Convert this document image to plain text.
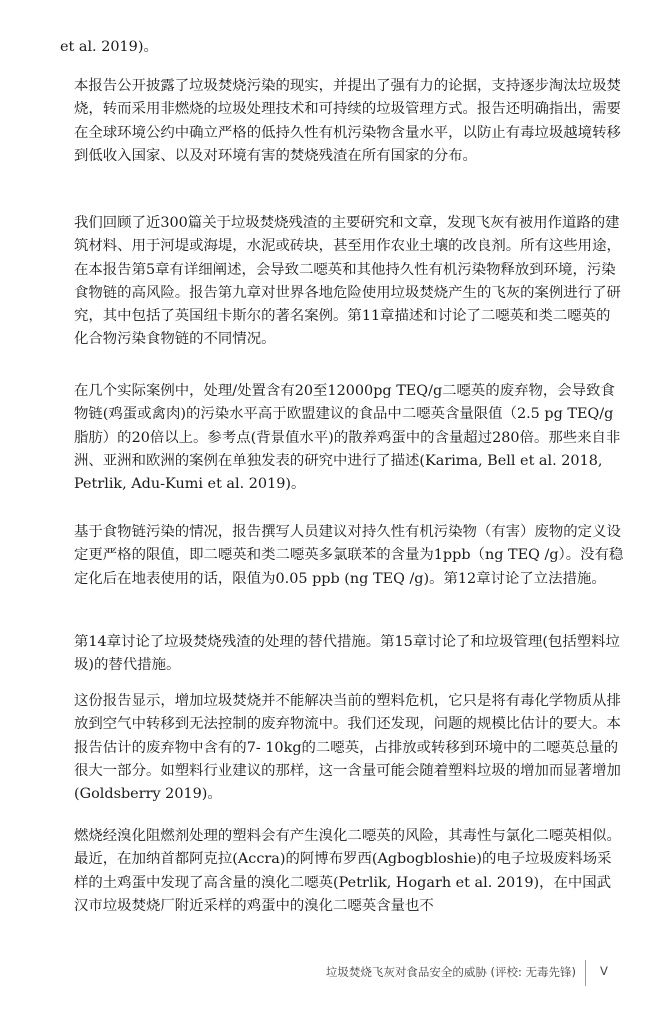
et al. 2019)。

本报告公开披露了垃圾焚烧污染的现实，并提出了强有力的论据，支持逐步淘汰垃圾焚烧，转而采用非燃烧的垃圾处理技术和可持续的垃圾管理方式。报告还明确指出，需要在全球环境公约中确立严格的低持久性有机污染物含量水平，以防止有毒垃圾越境转移到低收入国家、以及对环境有害的焚烧残渣在所有国家的分布。

我们回顾了近300篇关于垃圾焚烧残渣的主要研究和文章，发现飞灰有被用作道路的建筑材料、用于河堤或海堤，水泥或砖块，甚至用作农业土壤的改良剂。所有这些用途，在本报告第5章有详细阐述，会导致二噁英和其他持久性有机污染物释放到环境，污染食物链的高风险。报告第九章对世界各地危险使用垃圾焚烧产生的飞灰的案例进行了研究，其中包括了英国纽卡斯尔的著名案例。第11章描述和讨论了二噁英和类二噁英的化合物污染食物链的不同情况。

在几个实际案例中，处理/处置含有20至12000pg TEQ/g二噁英的废弃物，会导致食物链(鸡蛋或禽肉)的污染水平高于欧盟建议的食品中二噁英含量限值（2.5 pg TEQ/g脂肪）的20倍以上。参考点(背景值水平)的散养鸡蛋中的含量超过280倍。那些来自非洲、亚洲和欧洲的案例在单独发表的研究中进行了描述(Karima, Bell et al. 2018, Petrlik, Adu-Kumi et al. 2019)。

基于食物链污染的情况，报告撰写人员建议对持久性有机污染物（有害）废物的定义设定更严格的限值，即二噁英和类二噁英多氯联苯的含量为1ppb（ng TEQ /g）。没有稳定化后在地表使用的话，限值为0.05 ppb (ng TEQ /g)。第12章讨论了立法措施。

第14章讨论了垃圾焚烧残渣的处理的替代措施。第15章讨论了和垃圾管理(包括塑料垃圾)的替代措施。

这份报告显示，增加垃圾焚烧并不能解决当前的塑料危机，它只是将有毒化学物质从排放到空气中转移到无法控制的废弃物流中。我们还发现，问题的规模比估计的要大。本报告估计的废弃物中含有的7- 10kg的二噁英，占排放或转移到环境中的二噁英总量的很大一部分。如塑料行业建议的那样，这一含量可能会随着塑料垃圾的增加而显著增加(Goldsberry 2019)。

燃烧经溴化阻燃剂处理的塑料会有产生溴化二噁英的风险，其毒性与氯化二噁英相似。最近，在加纳首都阿克拉(Accra)的阿博布罗西(Agbogbloshie)的电子垃圾废料场采样的土鸡蛋中发现了高含量的溴化二噁英(Petrlik, Hogarh et al. 2019)，在中国武汉市垃圾焚烧厂附近采样的鸡蛋中的溴化二噁英含量也不

垃圾焚烧飞灰对食品安全的威胁 (评校: 无毒先锋) V
